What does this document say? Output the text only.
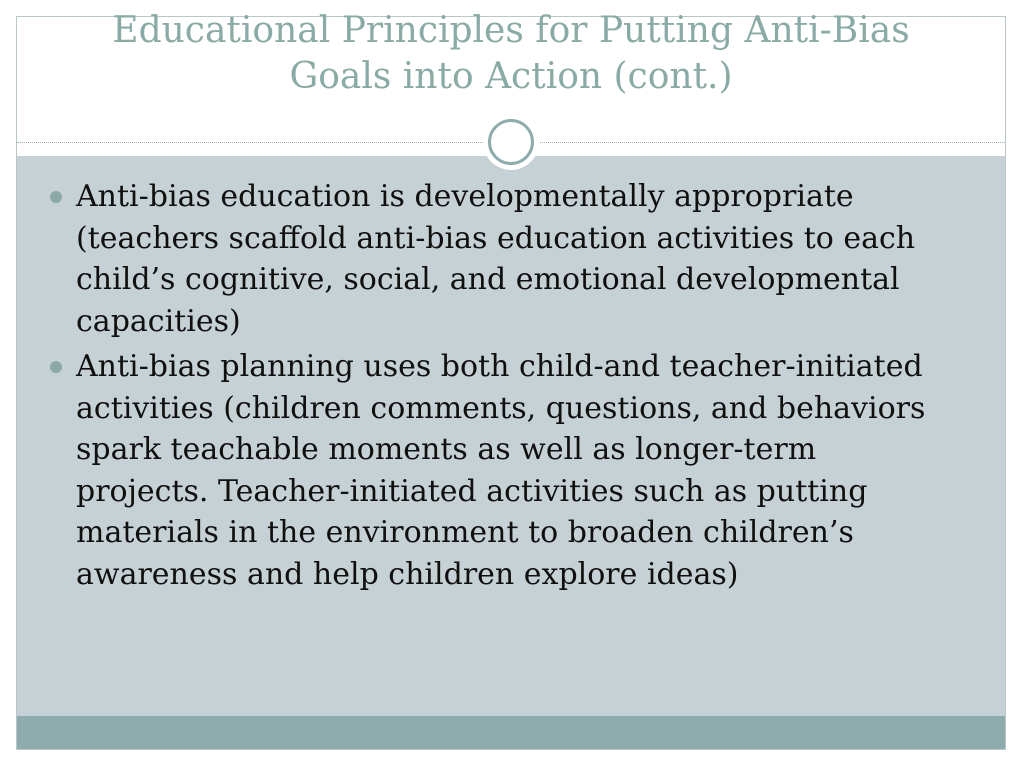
Educational Principles for Putting Anti-Bias
Goals into Action (cont.)
Anti-bias education is developmentally appropriate (teachers scaffold anti-bias education activities to each child’s cognitive, social, and emotional developmental capacities)
Anti-bias planning uses both child-and teacher-initiated activities (children comments, questions, and behaviors spark teachable moments as well as longer-term projects. Teacher-initiated activities such as putting materials in the environment to broaden children’s awareness and help children explore ideas)
